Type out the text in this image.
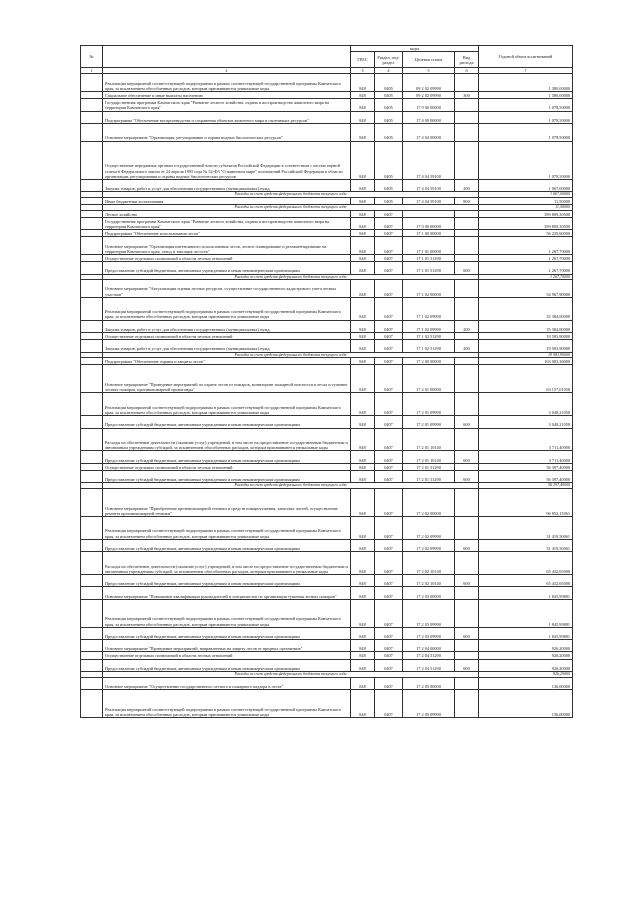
№		коды				Годовой объем ассигнований
		ГРБС	Раздел, под-раздел	Целевая статья	Вид расхода	
1	2	3	4	5	6	7
	Реализация мероприятий соответствующей подпрограммы в рамках соответствующей государственной программы Камчатского края, за исключением обособленных расходов, которым присваиваются уникальные коды	848	0405	09 2 02 09990		1 380,00000
	Социальное обеспечение и иные выплаты населению	848	0405	09 2 02 09990	300	1 380,00000
	Государственная программа Камчатского края "Развитие лесного хозяйства, охрана и воспроизводство животного мира на территории Камчатского края"	848	0405	17 0 00 00000		1 078,50000
	Подпрограмма "Обеспечение воспроизводства и сохранения объектов животного мира и охотничьих ресурсов"	848	0405	17 4 00 00000		1 078,50000
	Основное мероприятие "Организация, регулирование и охрана водных биологических ресурсов"	848	0405	17 4 04 00000		1 078,50000
	Осуществление переданных органам государственной власти субъектов Российской Федерации в соответствии с частью первой статьи 6 Федерального закона от 24 апреля 1995 года № 52-ФЗ "О животном мире" полномочий Российской Федерации в области организации, регулирования и охраны водных биологических ресурсов	848	0405	17 4 04 59100		1 078,50000
	Закупка товаров, работ и услуг для обеспечения государственных (муниципальных) нужд	848	0405	17 4 04 59100	200	1 067,00000
	Расходы за счет средств федерального бюджета текущего года					1 067,00000
	Иные бюджетные ассигнования	848	0405	17 4 04 59100	800	11,50000
	Расходы за счет средств федерального бюджета текущего года					11,50000
	Лесное хозяйство	848	0407			399 809,30500
	Государственная программа Камчатского края "Развитие лесного хозяйства, охрана и воспроизводство животного мира на территории Камчатского края"	848	0407	17 0 00 00000		399 809,30500
	Подпрограмма "Обеспечение использования лесов"	848	0407	17 1 00 00000		56 235,60000
	Основное мероприятие "Организация интенсивного использования лесов, лесное планирование и регламентирование на территории Камчатского края, отвод и таксация лесосек"	848	0407	17 1 01 00000		1 267,70000
	Осуществление отдельных полномочий в области лесных отношений	848	0407	17 1 01 51290		1 267,70000
	Предоставление субсидий бюджетным, автономным учреждениям и иным некоммерческим организациям	848	0407	17 1 01 51290	600	1 267,70000
	Расходы за счет средств федерального бюджета текущего года					1 267,70000
	Основное мероприятие "Актуализация оценки лесных ресурсов, осуществление государственного кадастрового учета лесных участков"	848	0407	17 1 02 00000		54 967,90000
	Реализация мероприятий соответствующей подпрограммы в рамках соответствующей государственной программы Камчатского края, за исключением обособленных расходов, которым присваиваются уникальные коды	848	0407	17 1 02 09990		35 384,00000
	Закупка товаров, работ и услуг для обеспечения государственных (муниципальных) нужд	848	0407	17 1 02 09990	200	35 384,00000
	Осуществление отдельных полномочий в области лесных отношений	848	0407	17 1 02 51290		19 583,90000
	Закупка товаров, работ и услуг для обеспечения государственных (муниципальных) нужд	848	0407	17 1 02 51290	200	19 583,90000
	Расходы за счет средств федерального бюджета текущего года					19 583,90000
	Подпрограмма "Обеспечение охраны и защиты лесов"	848	0407	17 2 00 00000		163 083,36000
	Основное мероприятие "Проведение мероприятий по охране лесов от пожаров, мониторинг пожарной опасности в лесах и тушение лесных пожаров, противопожарной пропаганды"	848	0407	17 2 01 00000		63 157,01058
	Реализация мероприятий соответствующей подпрограммы в рамках соответствующей государственной программы Камчатского края, за исключением обособленных расходов, которым присваиваются уникальные коды	848	0407	17 2 01 09990		3 048,21058
	Предоставление субсидий бюджетным, автономным учреждениям и иным некоммерческим организациям	848	0407	17 2 01 09990	600	3 048,21058
	Расходы на обеспечение деятельности (оказание услуг) учреждений, в том числе на предоставление государственным бюджетным и автономным учреждениям субсидий, за исключением обособленных расходов, которым присваиваются уникальные коды	848	0407	17 2 01 10140		3 711,40000
	Предоставление субсидий бюджетным, автономным учреждениям и иным некоммерческим организациям	848	0407	17 2 01 10140	600	3 711,40000
	Осуществление отдельных полномочий в области лесных отношений	848	0407	17 2 01 51290		56 397,40000
	Предоставление субсидий бюджетным, автономным учреждениям и иным некоммерческим организациям	848	0407	17 2 01 51290	600	56 397,40000
	Расходы за счет средств федерального бюджета текущего года					56 397,40000
	Основное мероприятие "Приобретение противопожарной техники и средств пожаротушения, запасных частей, осуществление ремонта противопожарной техники"	848	0407	17 2 02 00000		96 852,15061
	Реализация мероприятий соответствующей подпрограммы в рамках соответствующей государственной программы Камчатского края, за исключением обособленных расходов, которым присваиваются уникальные коды	848	0407	17 2 02 09990		31 419,50061
	Предоставление субсидий бюджетным, автономным учреждениям и иным некоммерческим организациям	848	0407	17 2 02 09990	600	31 419,50061
	Расходы на обеспечение деятельности (оказание услуг) учреждений, в том числе на предоставление государственным бюджетным и автономным учреждениям субсидий, за исключением обособленных расходов, которым присваиваются уникальные коды	848	0407	17 2 02 10140		65 432,65000
	Предоставление субсидий бюджетным, автономным учреждениям и иным некоммерческим организациям	848	0407	17 2 02 10140	600	65 432,65000
	Основное мероприятие "Повышение квалификации руководителей и специалистов по организации тушения лесных пожаров"	848	0407	17 2 03 00000		1 845,99881
	Реализация мероприятий соответствующей подпрограммы в рамках соответствующей государственной программы Камчатского края, за исключением обособленных расходов, которым присваиваются уникальные коды	848	0407	17 2 03 09990		1 845,99881
	Предоставление субсидий бюджетным, автономным учреждениям и иным некоммерческим организациям	848	0407	17 2 03 09990	600	1 845,99881
	Основное мероприятие "Проведение мероприятий, направленных на защиту лесов от вредных организмов"	848	0407	17 2 04 00000		926,20000
	Осуществление отдельных полномочий в области лесных отношений	848	0407	17 2 04 51290		926,20000
	Предоставление субсидий бюджетным, автономным учреждениям и иным некоммерческим организациям	848	0407	17 2 04 51290	600	926,20000
	Расходы за счет средств федерального бюджета текущего года					926,20000
	Основное мероприятие "Осуществление государственного лесного и пожарного надзора в лесах"	848	0407	17 2 05 00000		136,00000
	Реализация мероприятий соответствующей подпрограммы в рамках соответствующей государственной программы Камчатского края, за исключением обособленных расходов, которым присваиваются уникальные коды	848	0407	17 2 05 09990		136,00000
